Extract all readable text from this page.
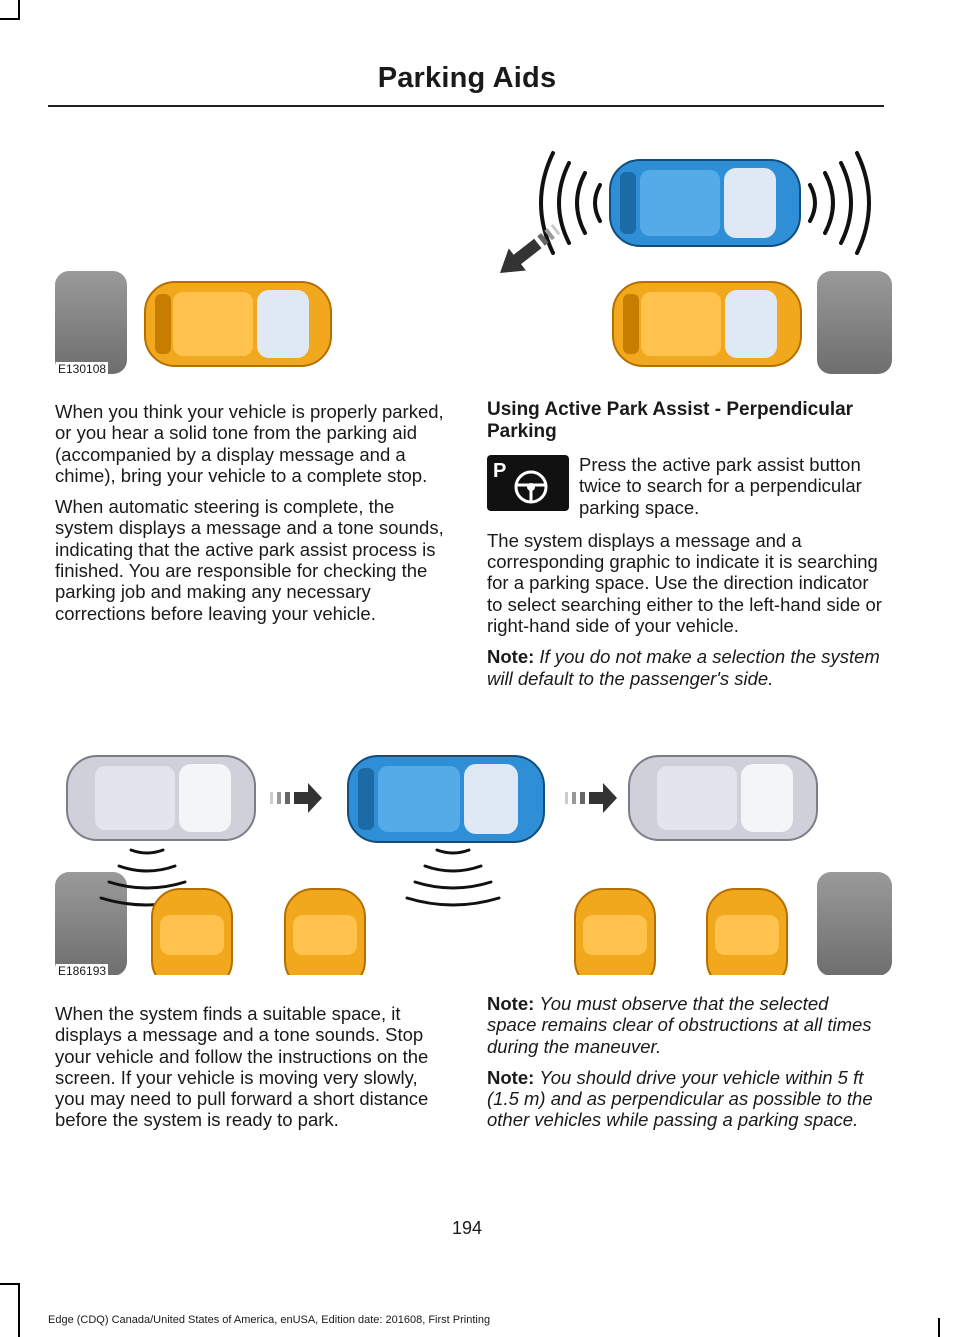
Parking Aids
E130108

When you think your vehicle is properly parked, or you hear a solid tone from the parking aid (accompanied by a display message and a chime), bring your vehicle to a complete stop.

When automatic steering is complete, the system displays a message and a tone sounds, indicating that the active park assist process is finished. You are responsible for checking the parking job and making any necessary corrections before leaving your vehicle.

Using Active Park Assist - Perpendicular Parking
P	Press the active park assist button twice to search for a perpendicular parking space.

The system displays a message and a corresponding graphic to indicate it is searching for a parking space. Use the direction indicator to select searching either to the left-hand side or right-hand side of your vehicle.

Note: If you do not make a selection the system will default to the passenger's side.

E186193

When the system finds a suitable space, it displays a message and a tone sounds. Stop your vehicle and follow the instructions on the screen. If your vehicle is moving very slowly, you may need to pull forward a short distance before the system is ready to park.

Note: You must observe that the selected space remains clear of obstructions at all times during the maneuver.

Note: You should drive your vehicle within 5 ft (1.5 m) and as perpendicular as possible to the other vehicles while passing a parking space.

194
Edge (CDQ) Canada/United States of America, enUSA, Edition date: 201608, First Printing
